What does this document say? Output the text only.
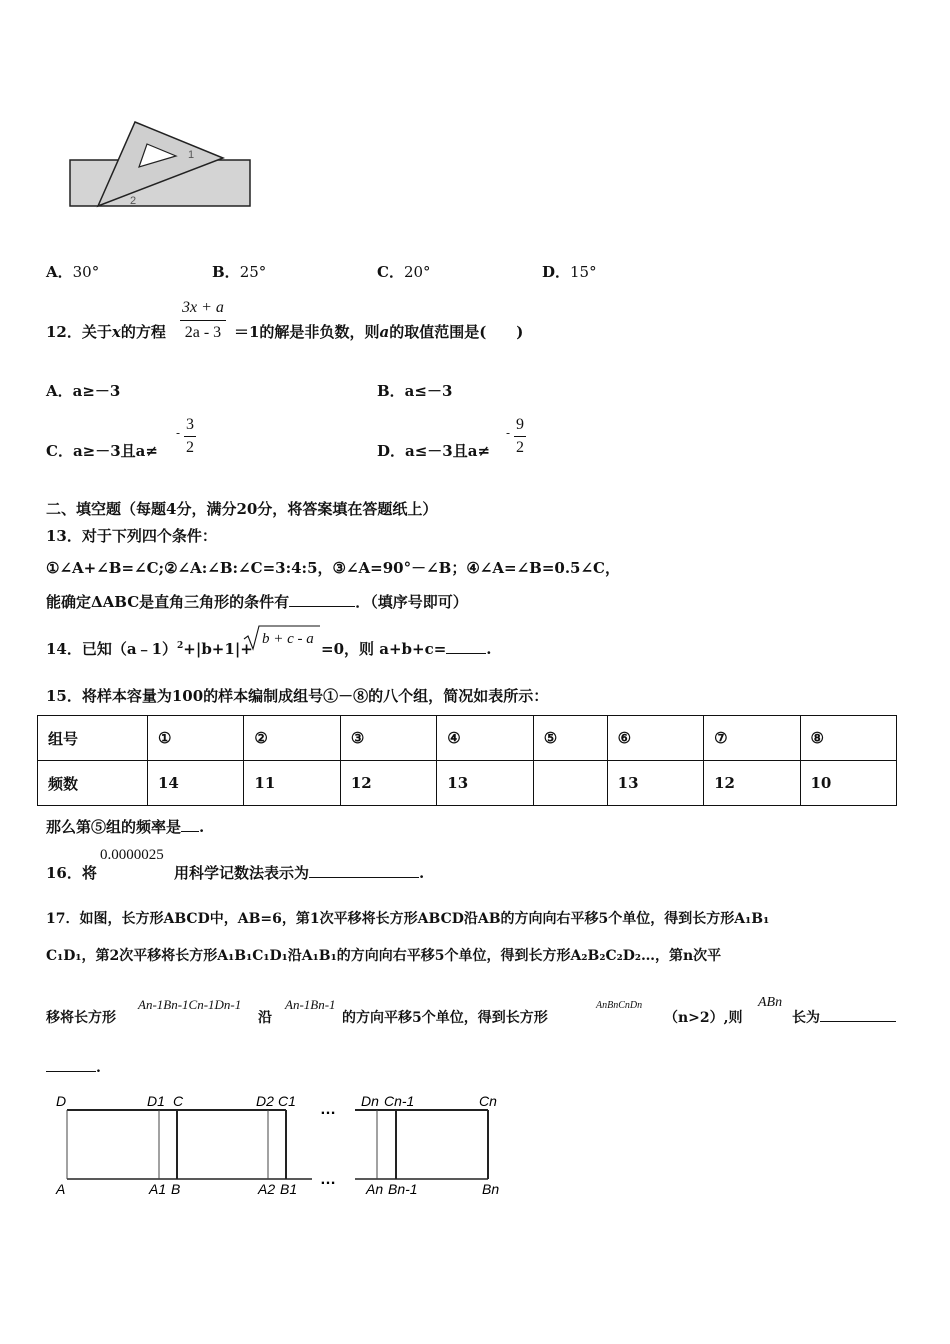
1
2
A．30°	B．25°	C．20°	D．15°
12．关于x的方程 $\frac{3x + a}{2a - 3} =1$的解是非负数，则a的取值范围是(　　)
A．a≥－3	B．a≤－3
C．a≥－3且a≠
- $\frac{3}{2}$	D．a≤－3且a≠
- $\frac{9}{2}$
二、填空题（每题4分，满分20分，将答案填在答题纸上）
13．对于下列四个条件：
①∠A+∠B=∠C;②∠A:∠B:∠C=3:4:5，③∠A=90°－∠B；④∠A=∠B=0.5∠C，
能确定ΔABC是直角三角形的条件有	．（填序号即可）
14．已知（a﹣1）$^2$+|b+1|+
b + c - a
=0，则 a+b+c=	.
15．将样本容量为100的样本编制成组号①－⑧的八个组，简况如表所示：
组号	①	②	③	④	⑤	⑥	⑦	⑧
频数	14	11	12	13		13	12	10
那么第⑤组的频率是 .
16．将
0.0000025
用科学记数法表示为	.
17．如图，长方形ABCD中，AB=6，第1次平移将长方形ABCD沿AB的方向向右平移5个单位，得到长方形A₁B₁
C₁D₁，第2次平移将长方形A₁B₁C₁D₁沿A₁B₁的方向向右平移5个单位，得到长方形A₂B₂C₂D₂…，第n次平
移将长方形
An-1Bn-1Cn-1Dn-1
沿
An-1Bn-1
的方向平移5个单位，得到长方形
AnBnCnDn
（n>2）,则
ABn
长为
.
D	D1 C	D2 C1 … Dn Cn-1	Cn
A	A1 B	A2 B1
…
An Bn-1	Bn
